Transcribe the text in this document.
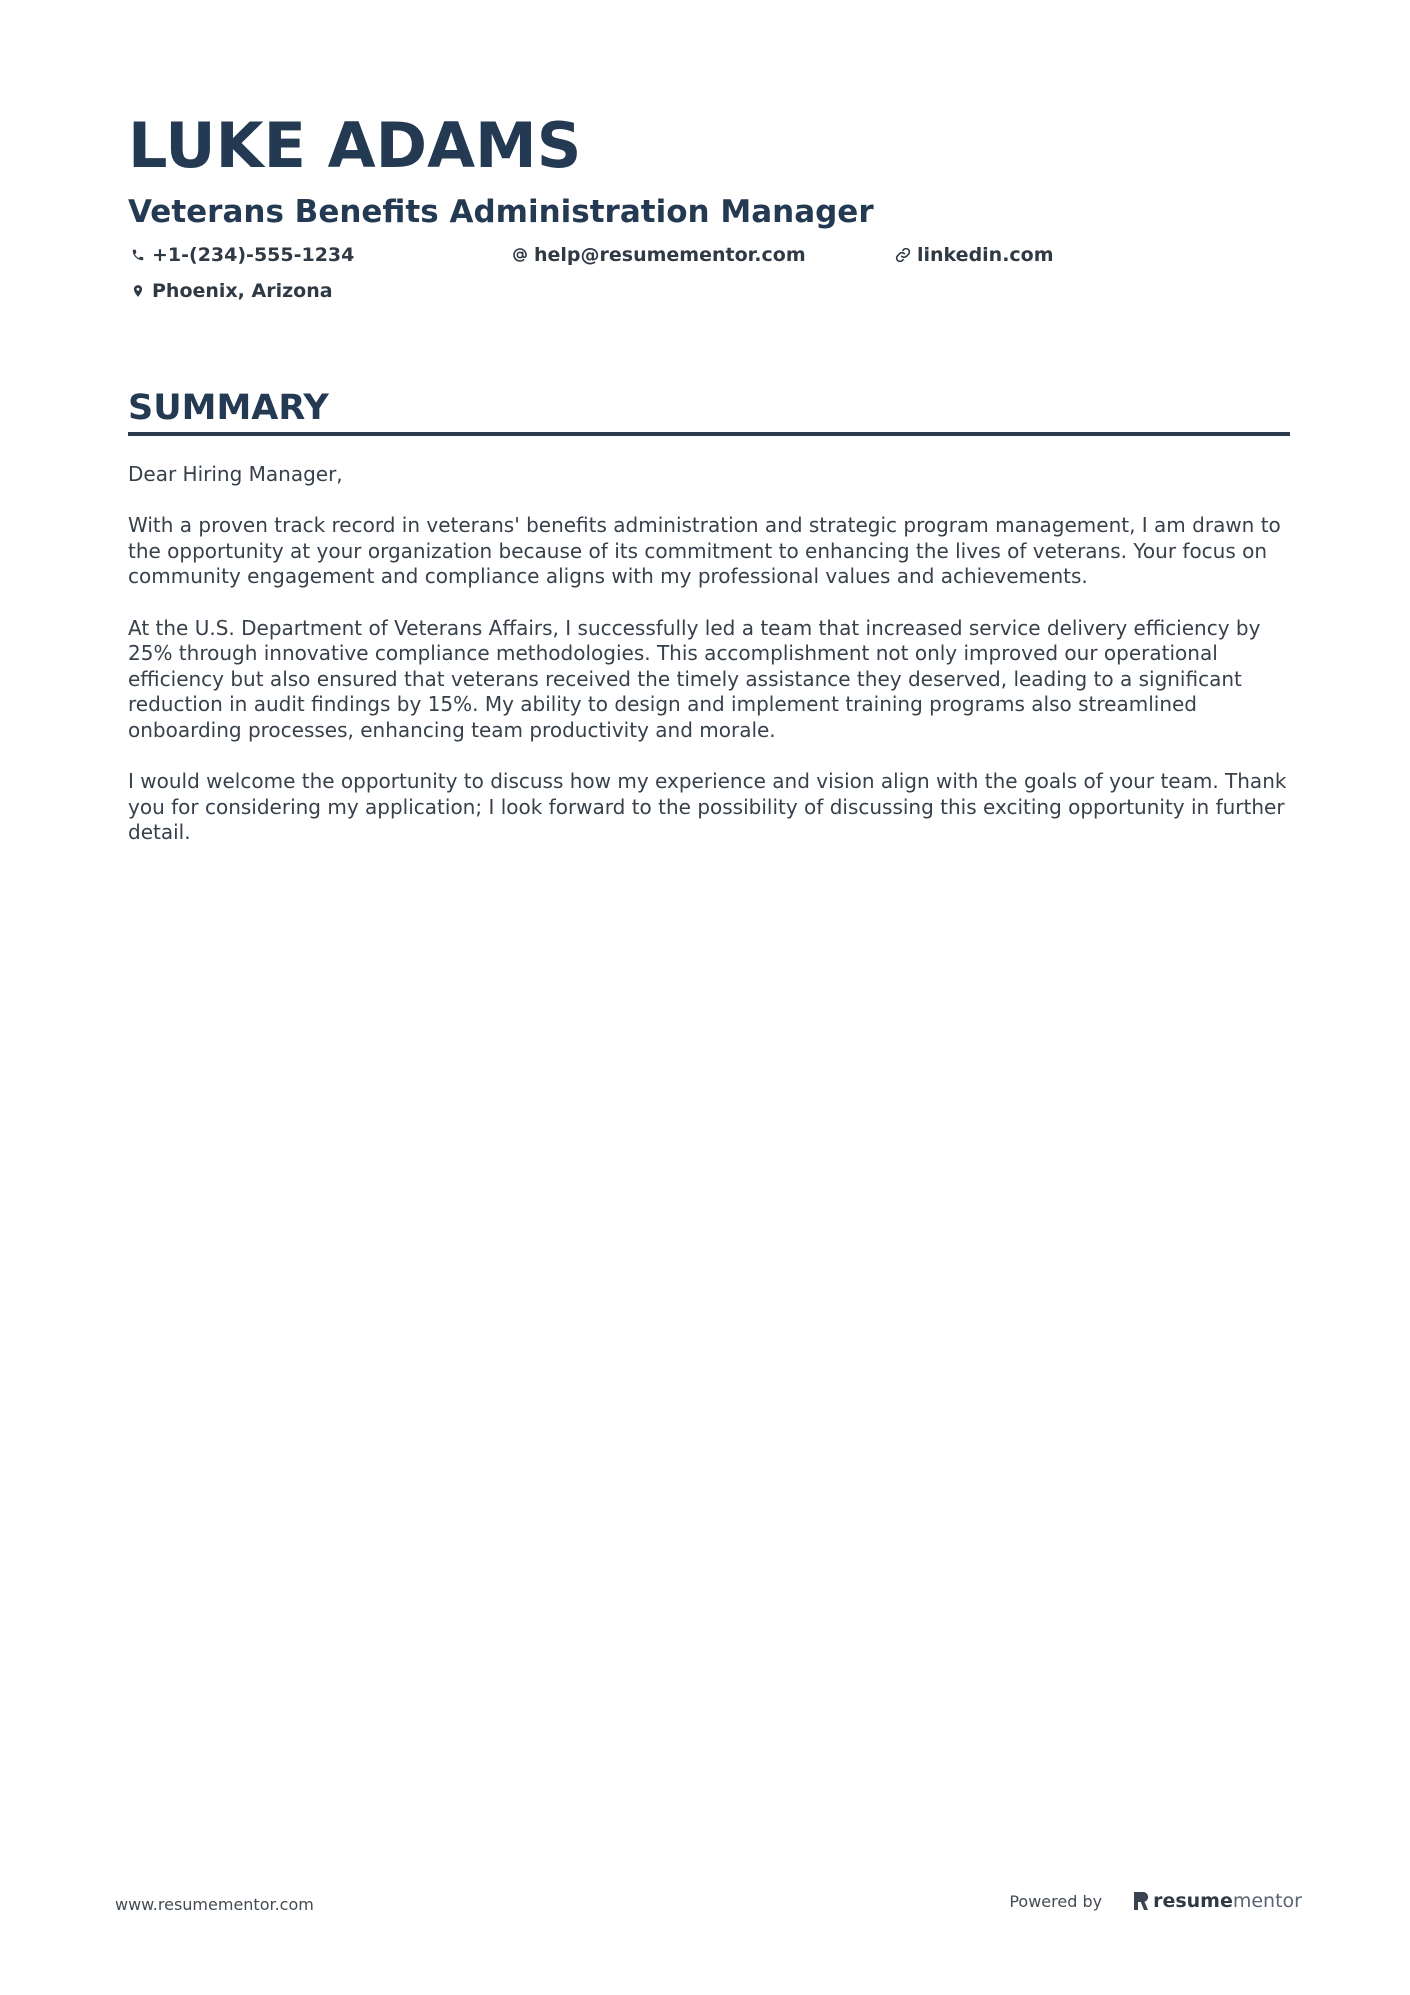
LUKE ADAMS
Veterans Benefits Administration Manager
+1-(234)-555-1234	help@resumementor.com	linkedin.com
Phoenix, Arizona
SUMMARY

Dear Hiring Manager,

With a proven track record in veterans' benefits administration and strategic program management, I am drawn to the opportunity at your organization because of its commitment to enhancing the lives of veterans. Your focus on community engagement and compliance aligns with my professional values and achievements.

At the U.S. Department of Veterans Affairs, I successfully led a team that increased service delivery efficiency by 25% through innovative compliance methodologies. This accomplishment not only improved our operational efficiency but also ensured that veterans received the timely assistance they deserved, leading to a significant reduction in audit findings by 15%. My ability to design and implement training programs also streamlined onboarding processes, enhancing team productivity and morale.

I would welcome the opportunity to discuss how my experience and vision align with the goals of your team. Thank you for considering my application; I look forward to the possibility of discussing this exciting opportunity in further detail.

www.resumementor.com	Powered by	resume mentor
